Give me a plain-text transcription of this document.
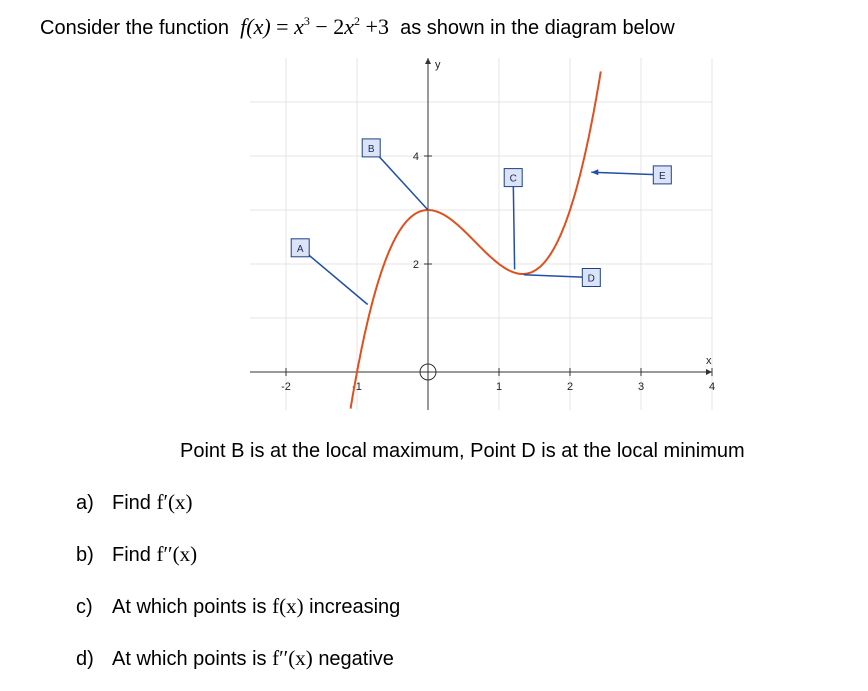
Consider the function $f(x) = x^3 - 2x^2 +3$ as shown in the diagram below
-2	-1	1	2	3	4
2
4
x
y
A
B
C
D
E
Point B is at the local maximum, Point D is at the local minimum
a) Find f′(x)
b) Find f′′(x)
c) At which points is f(x) increasing
d) At which points is f′′(x) negative
